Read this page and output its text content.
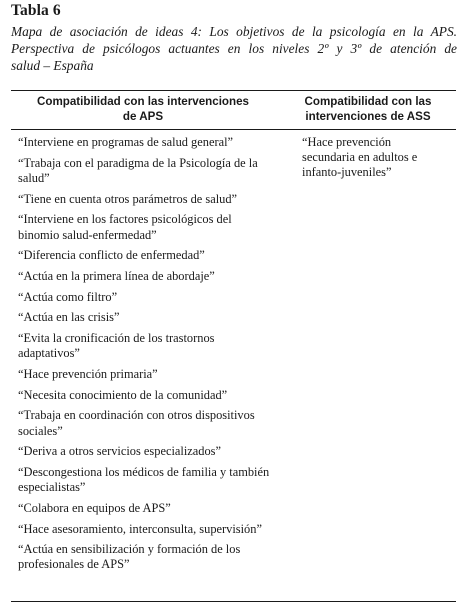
Tabla 6
Mapa de asociación de ideas 4: Los objetivos de la psicología en la APS.
Perspectiva de psicólogos actuantes en los niveles 2º y 3º de atención de
salud – España
Compatibilidad con las intervenciones
de APS
Compatibilidad con las
intervenciones de ASS
“Interviene en programas de salud general”
“Trabaja con el paradigma de la Psicología de la
salud”
“Tiene en cuenta otros parámetros de salud”
“Interviene en los factores psicológicos del
binomio salud-enfermedad”
“Diferencia conflicto de enfermedad”
“Actúa en la primera línea de abordaje”
“Actúa como filtro”
“Actúa en las crisis”
“Evita la cronificación de los trastornos
adaptativos”
“Hace prevención primaria”
“Necesita conocimiento de la comunidad”
“Trabaja en coordinación con otros dispositivos
sociales”
“Deriva a otros servicios especializados”
“Descongestiona los médicos de familia y también
especialistas”
“Colabora en equipos de APS”
“Hace asesoramiento, interconsulta, supervisión”
“Actúa en sensibilización y formación de los
profesionales de APS”
“Hace prevención
secundaria en adultos e
infanto-juveniles”
